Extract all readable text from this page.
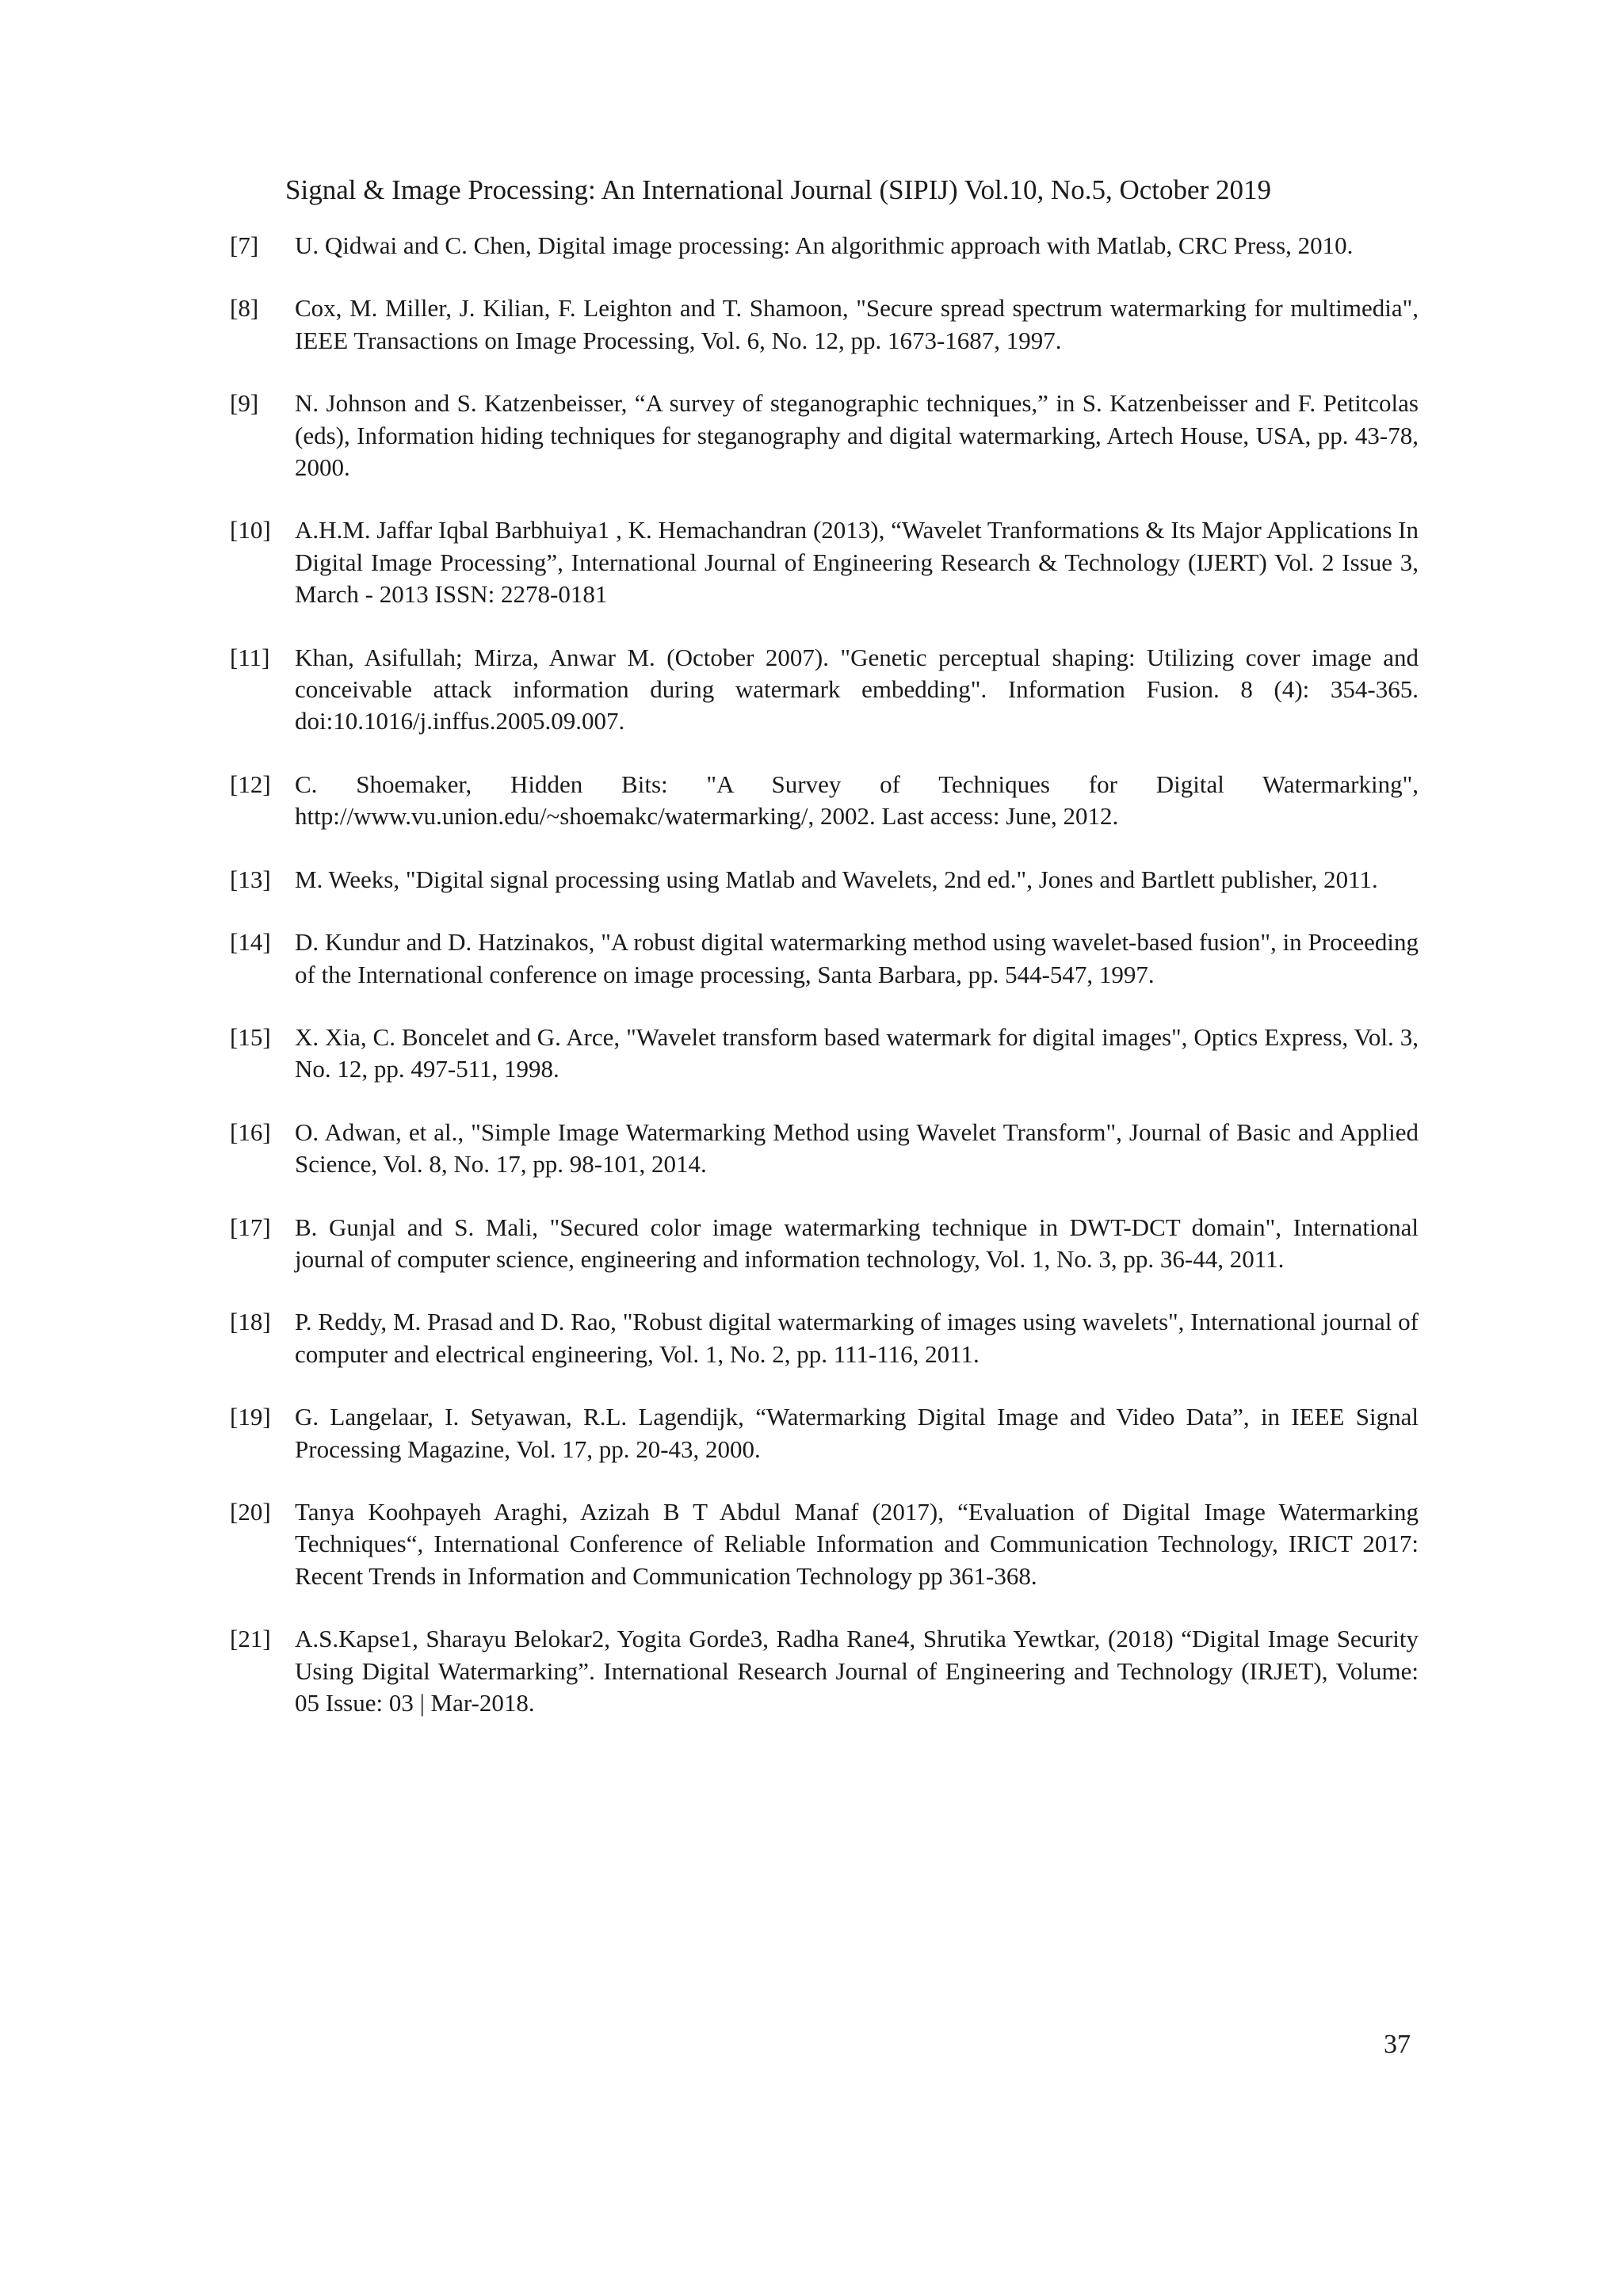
Signal & Image Processing: An International Journal (SIPIJ) Vol.10, No.5, October 2019
[7]	U. Qidwai and C. Chen, Digital image processing: An algorithmic approach with Matlab, CRC Press, 2010.
[8]	Cox, M. Miller, J. Kilian, F. Leighton and T. Shamoon, "Secure spread spectrum watermarking for multimedia", IEEE Transactions on Image Processing, Vol. 6, No. 12, pp. 1673-1687, 1997.
[9]	N. Johnson and S. Katzenbeisser, “A survey of steganographic techniques,” in S. Katzenbeisser and F. Petitcolas (eds), Information hiding techniques for steganography and digital watermarking, Artech House, USA, pp. 43-78, 2000.
[10] A.H.M. Jaffar Iqbal Barbhuiya1 , K. Hemachandran (2013), “Wavelet Tranformations & Its Major Applications In Digital Image Processing”, International Journal of Engineering Research & Technology (IJERT) Vol. 2 Issue 3, March - 2013 ISSN: 2278-0181
[11]	Khan, Asifullah; Mirza, Anwar M. (October 2007). "Genetic perceptual shaping: Utilizing cover image and conceivable attack information during watermark embedding". Information Fusion. 8 (4): 354-365. doi:10.1016/j.inffus.2005.09.007.
[12] C. Shoemaker, Hidden Bits: "A Survey of Techniques for Digital Watermarking", http://www.vu.union.edu/~shoemakc/watermarking/, 2002. Last access: June, 2012.
[13] M. Weeks, "Digital signal processing using Matlab and Wavelets, 2nd ed.", Jones and Bartlett publisher, 2011.
[14] D. Kundur and D. Hatzinakos, "A robust digital watermarking method using wavelet-based fusion", in Proceeding of the International conference on image processing, Santa Barbara, pp. 544-547, 1997.
[15] X. Xia, C. Boncelet and G. Arce, "Wavelet transform based watermark for digital images", Optics Express, Vol. 3, No. 12, pp. 497-511, 1998.
[16] O. Adwan, et al., "Simple Image Watermarking Method using Wavelet Transform", Journal of Basic and Applied Science, Vol. 8, No. 17, pp. 98-101, 2014.
[17] B. Gunjal and S. Mali, "Secured color image watermarking technique in DWT-DCT domain", International journal of computer science, engineering and information technology, Vol. 1, No. 3, pp. 36-44, 2011.
[18] P. Reddy, M. Prasad and D. Rao, "Robust digital watermarking of images using wavelets", International journal of computer and electrical engineering, Vol. 1, No. 2, pp. 111-116, 2011.
[19] G. Langelaar, I. Setyawan, R.L. Lagendijk, “Watermarking Digital Image and Video Data”, in IEEE Signal Processing Magazine, Vol. 17, pp. 20-43, 2000.
[20] Tanya Koohpayeh Araghi, Azizah B T Abdul Manaf (2017), “Evaluation of Digital Image Watermarking Techniques“, International Conference of Reliable Information and Communication Technology, IRICT 2017: Recent Trends in Information and Communication Technology pp 361-368.
[21] A.S.Kapse1, Sharayu Belokar2, Yogita Gorde3, Radha Rane4, Shrutika Yewtkar, (2018) “Digital Image Security Using Digital Watermarking”. International Research Journal of Engineering and Technology (IRJET), Volume: 05 Issue: 03 | Mar-2018.
37
